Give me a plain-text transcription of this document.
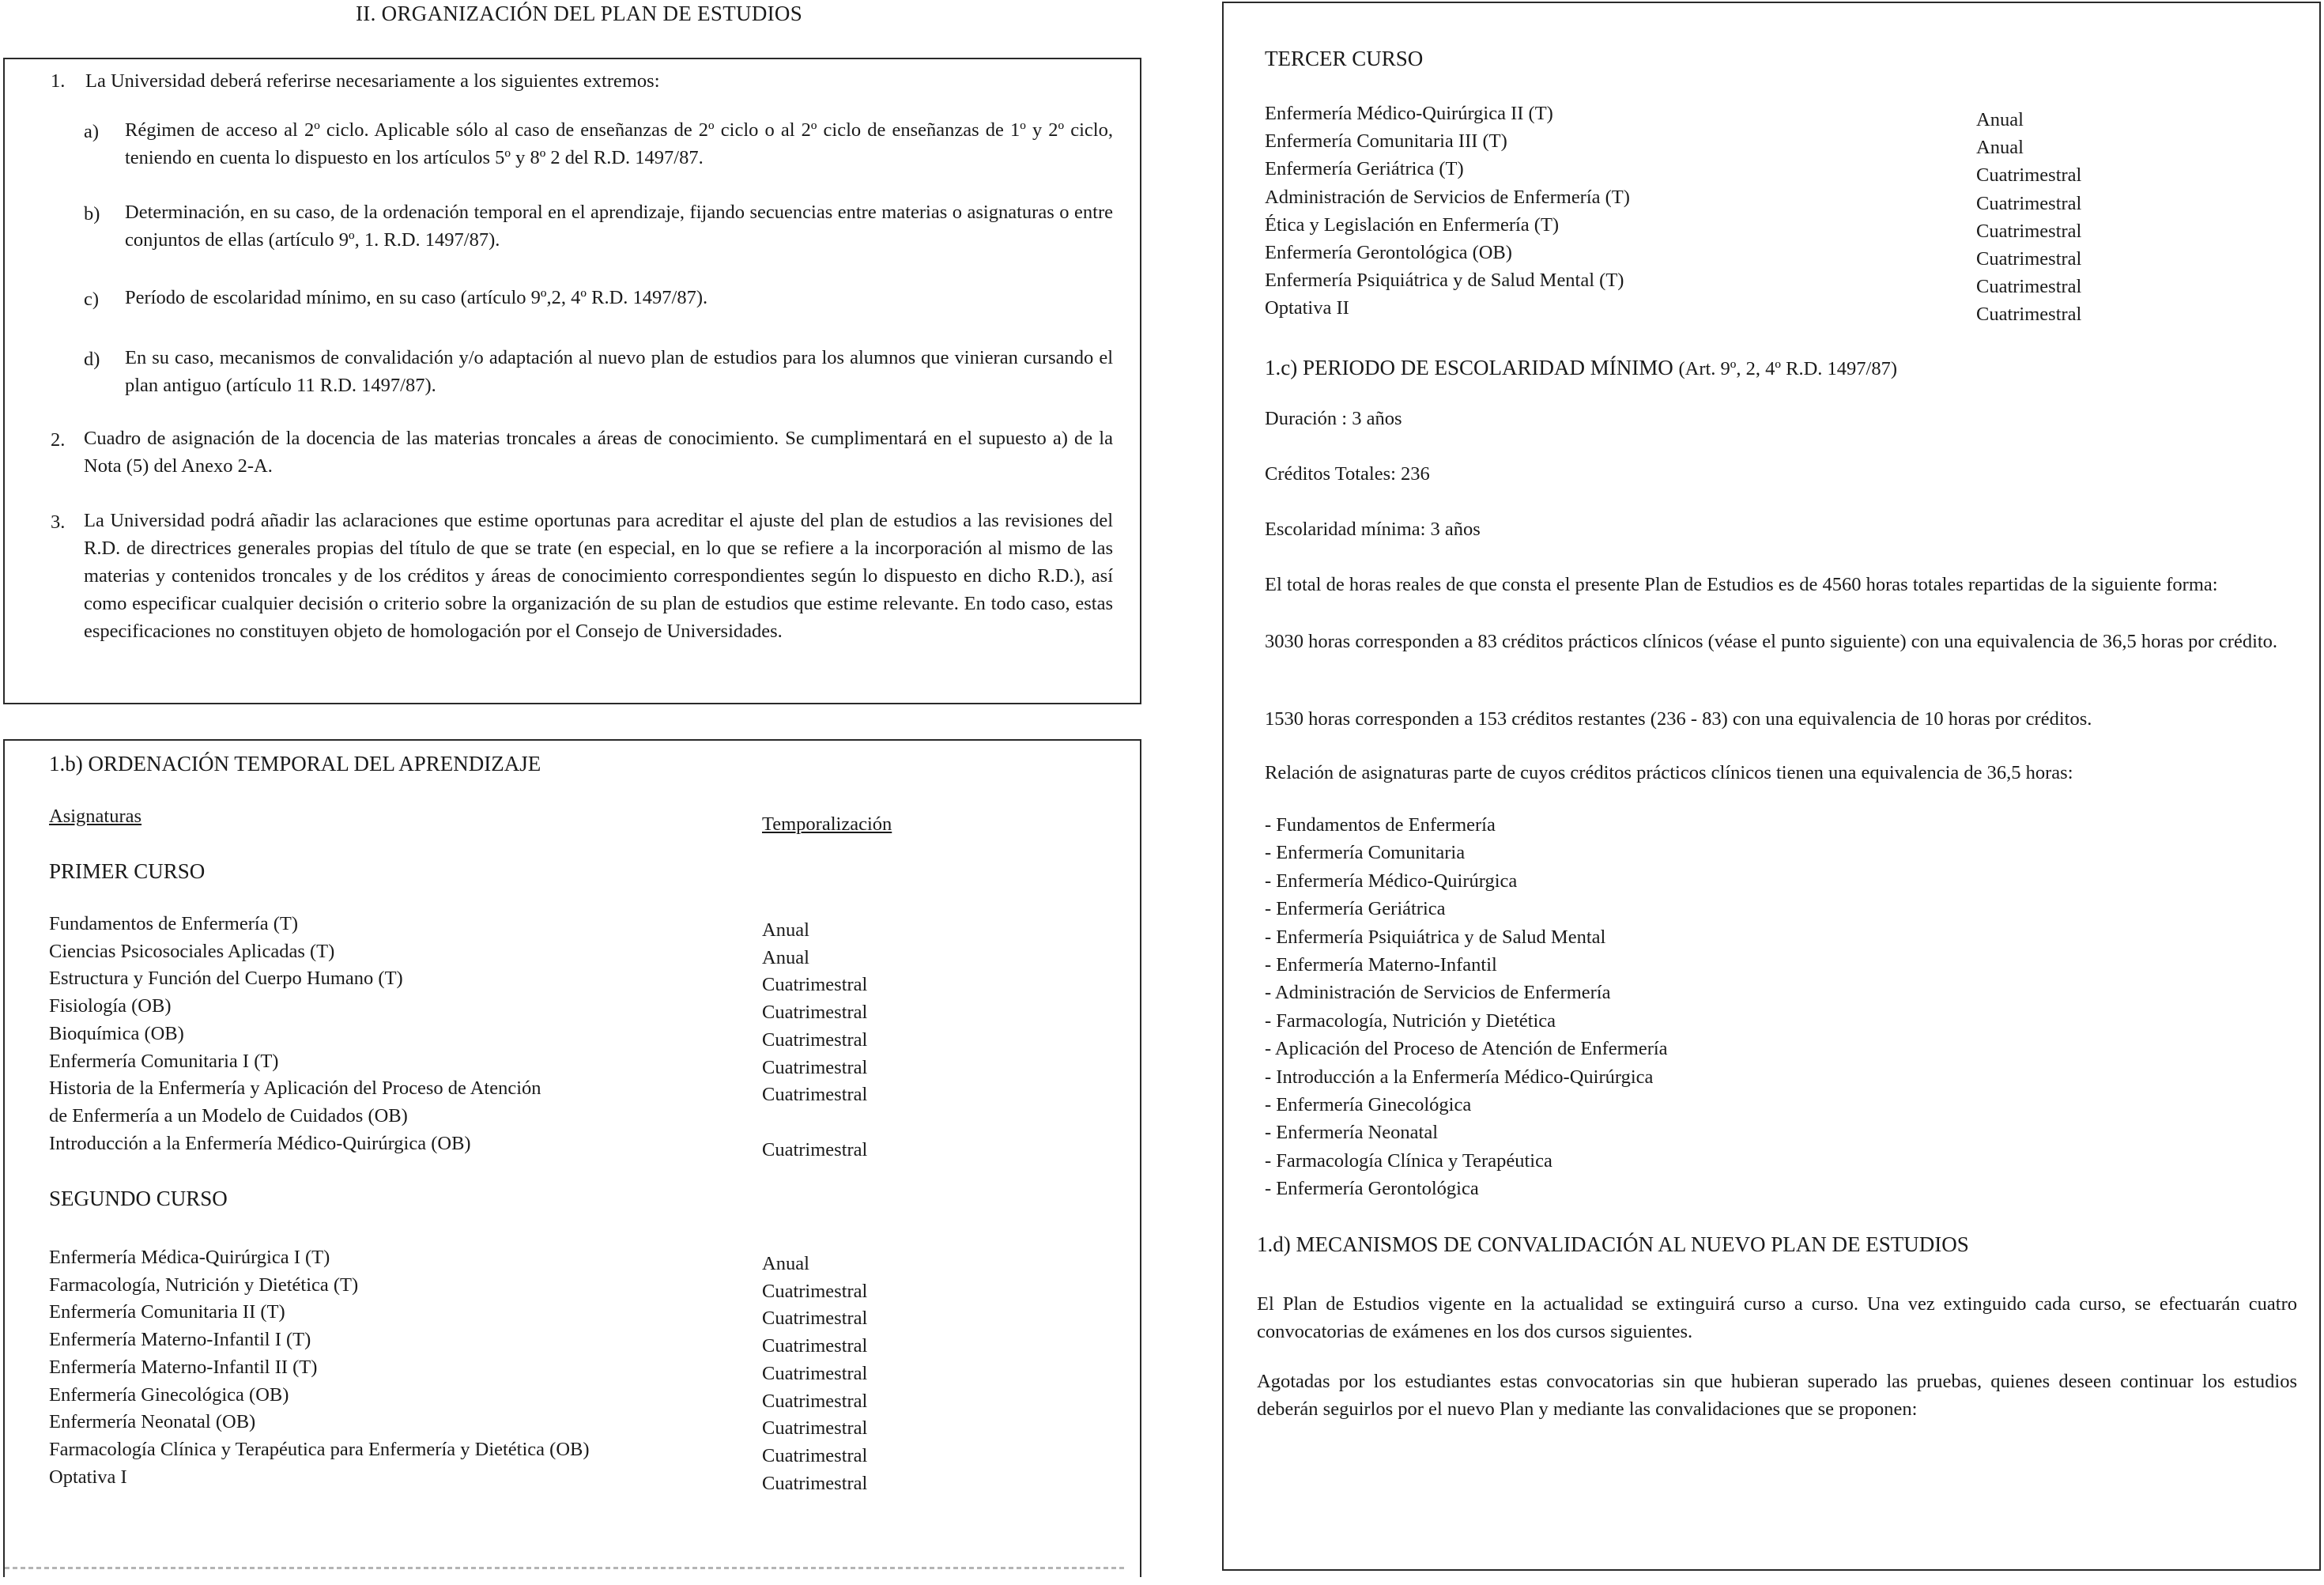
II. ORGANIZACIÓN DEL PLAN DE ESTUDIOS
1. La Universidad deberá referirse necesariamente a los siguientes extremos:
a) Régimen de acceso al 2º ciclo. Aplicable sólo al caso de enseñanzas de 2º ciclo o al 2º ciclo de enseñanzas de 1º y 2º ciclo, teniendo en cuenta lo dispuesto en los artículos 5º y 8º 2 del R.D. 1497/87.
b) Determinación, en su caso, de la ordenación temporal en el aprendizaje, fijando secuencias entre materias o asignaturas o entre conjuntos de ellas (artículo 9º, 1. R.D. 1497/87).
c) Período de escolaridad mínimo, en su caso (artículo 9º,2, 4º R.D. 1497/87).
d) En su caso, mecanismos de convalidación y/o adaptación al nuevo plan de estudios para los alumnos que vinieran cursando el plan antiguo (artículo 11 R.D. 1497/87).
2. Cuadro de asignación de la docencia de las materias troncales a áreas de conocimiento. Se cumplimentará en el supuesto a) de la Nota (5) del Anexo 2-A.
3. La Universidad podrá añadir las aclaraciones que estime oportunas para acreditar el ajuste del plan de estudios a las revisiones del R.D. de directrices generales propias del título de que se trate (en especial, en lo que se refiere a la incorporación al mismo de las materias y contenidos troncales y de los créditos y áreas de conocimiento correspondientes según lo dispuesto en dicho R.D.), así como especificar cualquier decisión o criterio sobre la organización de su plan de estudios que estime relevante. En todo caso, estas especificaciones no constituyen objeto de homologación por el Consejo de Universidades.
1.b) ORDENACIÓN TEMPORAL DEL APRENDIZAJE
Asignaturas	Temporalización
PRIMER CURSO
Fundamentos de Enfermería (T)	Anual
Ciencias Psicosociales Aplicadas (T)	Anual
Estructura y Función del Cuerpo Humano (T)	Cuatrimestral
Fisiología (OB)	Cuatrimestral
Bioquímica (OB)	Cuatrimestral
Enfermería Comunitaria I (T)	Cuatrimestral
Historia de la Enfermería y Aplicación del Proceso de Atención	Cuatrimestral
de Enfermería a un Modelo de Cuidados (OB)
Introducción a la Enfermería Médico-Quirúrgica (OB)	Cuatrimestral
SEGUNDO CURSO
Enfermería Médica-Quirúrgica I (T)	Anual
Farmacología, Nutrición y Dietética (T)	Cuatrimestral
Enfermería Comunitaria II (T)	Cuatrimestral
Enfermería Materno-Infantil I (T)	Cuatrimestral
Enfermería Materno-Infantil II (T)	Cuatrimestral
Enfermería Ginecológica (OB)	Cuatrimestral
Enfermería Neonatal (OB)	Cuatrimestral
Farmacología Clínica y Terapéutica para Enfermería y Dietética (OB)	Cuatrimestral
Optativa I	Cuatrimestral
TERCER CURSO
Enfermería Médico-Quirúrgica II (T)	Anual
Enfermería Comunitaria III (T)	Anual
Enfermería Geriátrica (T)	Cuatrimestral
Administración de Servicios de Enfermería (T)	Cuatrimestral
Ética y Legislación en Enfermería (T)	Cuatrimestral
Enfermería Gerontológica (OB)	Cuatrimestral
Enfermería Psiquiátrica y de Salud Mental (T)	Cuatrimestral
Optativa II	Cuatrimestral
1.c) PERIODO DE ESCOLARIDAD MÍNIMO (Art. 9º, 2, 4º R.D. 1497/87)
Duración : 3 años
Créditos Totales: 236
Escolaridad mínima: 3 años
El total de horas reales de que consta el presente Plan de Estudios es de 4560 horas totales repartidas de la siguiente forma:
3030 horas corresponden a 83 créditos prácticos clínicos (véase el punto siguiente) con una equivalencia de 36,5 horas por crédito.
1530 horas corresponden a 153 créditos restantes (236 - 83) con una equivalencia de 10 horas por créditos.
Relación de asignaturas parte de cuyos créditos prácticos clínicos tienen una equivalencia de 36,5 horas:
- Fundamentos de Enfermería
- Enfermería Comunitaria
- Enfermería Médico-Quirúrgica
- Enfermería Geriátrica
- Enfermería Psiquiátrica y de Salud Mental
- Enfermería Materno-Infantil
- Administración de Servicios de Enfermería
- Farmacología, Nutrición y Dietética
- Aplicación del Proceso de Atención de Enfermería
- Introducción a la Enfermería Médico-Quirúrgica
- Enfermería Ginecológica
- Enfermería Neonatal
- Farmacología Clínica y Terapéutica
- Enfermería Gerontológica
1.d) MECANISMOS DE CONVALIDACIÓN AL NUEVO PLAN DE ESTUDIOS
El Plan de Estudios vigente en la actualidad se extinguirá curso a curso. Una vez extinguido cada curso, se efectuarán cuatro convocatorias de exámenes en los dos cursos siguientes.
Agotadas por los estudiantes estas convocatorias sin que hubieran superado las pruebas, quienes deseen continuar los estudios deberán seguirlos por el nuevo Plan y mediante las convalidaciones que se proponen:
